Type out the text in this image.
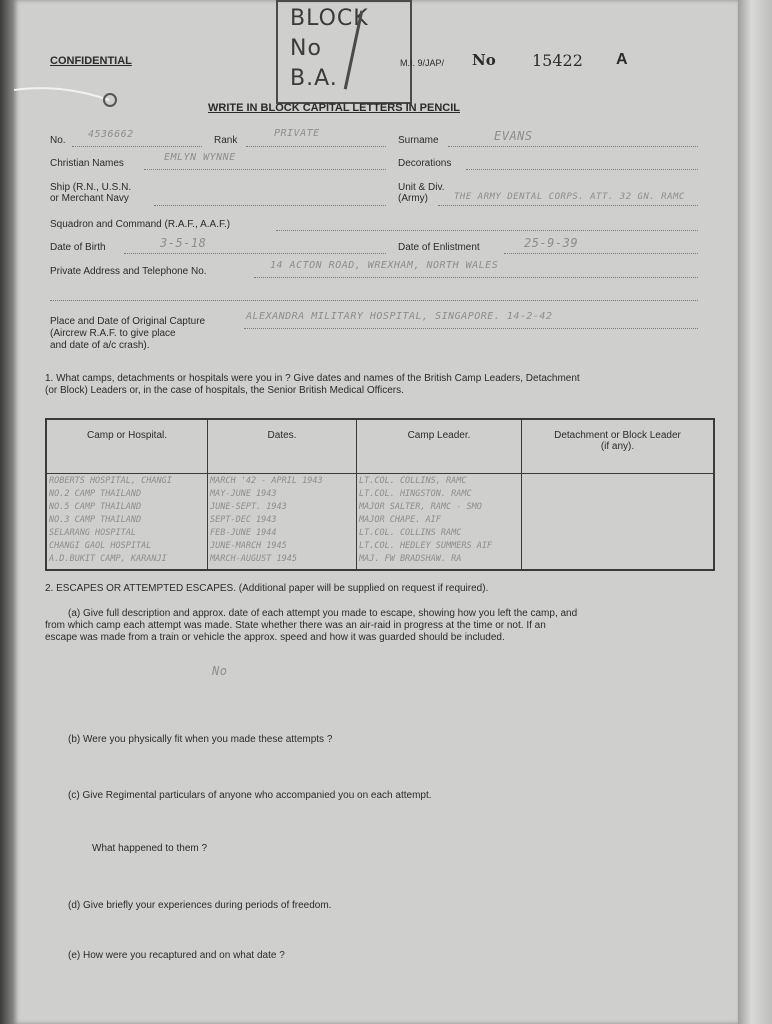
CONFIDENTIAL
BLOCK
No
B.A.
M.I. 9/JAP/ No 15422 A
WRITE IN BLOCK CAPITAL LETTERS IN PENCIL
No.
4536662
Rank
PRIVATE
Surname	EVANS
Christian Names
EMLYN WYNNE
Decorations
Ship (R.N., U.S.N.
or Merchant Navy
Unit & Div.
(Army)	THE ARMY DENTAL CORPS. ATT. 32 GN. RAMC
Squadron and Command (R.A.F., A.A.F.)
Date of Birth	3-5-18	Date of Enlistment	25-9-39
Private Address and Telephone No.
14 ACTON ROAD, WREXHAM, NORTH WALES
Place and Date of Original Capture
(Aircrew R.A.F. to give place
and date of a/c crash).
ALEXANDRA MILITARY HOSPITAL, SINGAPORE. 14-2-42
1. What camps, detachments or hospitals were you in ? Give dates and names of the British Camp Leaders, Detachment
(or Block) Leaders or, in the case of hospitals, the Senior British Medical Officers.
Camp or Hospital.	Dates.	Camp Leader.	Detachment or Block Leader (if any).
ROBERTS HOSPITAL, CHANGI	MARCH '42 - APRIL 1943	LT.COL. COLLINS, RAMC	
NO.2 CAMP THAILAND	MAY-JUNE 1943	LT.COL. HINGSTON. RAMC	
NO.5 CAMP THAILAND	JUNE-SEPT. 1943	MAJOR SALTER, RAMC - SMO	
NO.3 CAMP THAILAND	SEPT-DEC 1943	MAJOR CHAPE. AIF	
SELARANG HOSPITAL	FEB-JUNE 1944	LT.COL. COLLINS RAMC	
CHANGI GAOL HOSPITAL	JUNE-MARCH 1945	LT.COL. HEDLEY SUMMERS AIF	
A.D.BUKIT CAMP, KARANJI	MARCH-AUGUST 1945	MAJ. FW BRADSHAW. RA	
2. ESCAPES OR ATTEMPTED ESCAPES. (Additional paper will be supplied on request if required).
(a) Give full description and approx. date of each attempt you made to escape, showing how you left the camp, and
from which camp each attempt was made. State whether there was an air-raid in progress at the time or not. If an
escape was made from a train or vehicle the approx. speed and how it was guarded should be included.
No
(b) Were you physically fit when you made these attempts ?
(c) Give Regimental particulars of anyone who accompanied you on each attempt.
What happened to them ?
(d) Give briefly your experiences during periods of freedom.
(e) How were you recaptured and on what date ?
